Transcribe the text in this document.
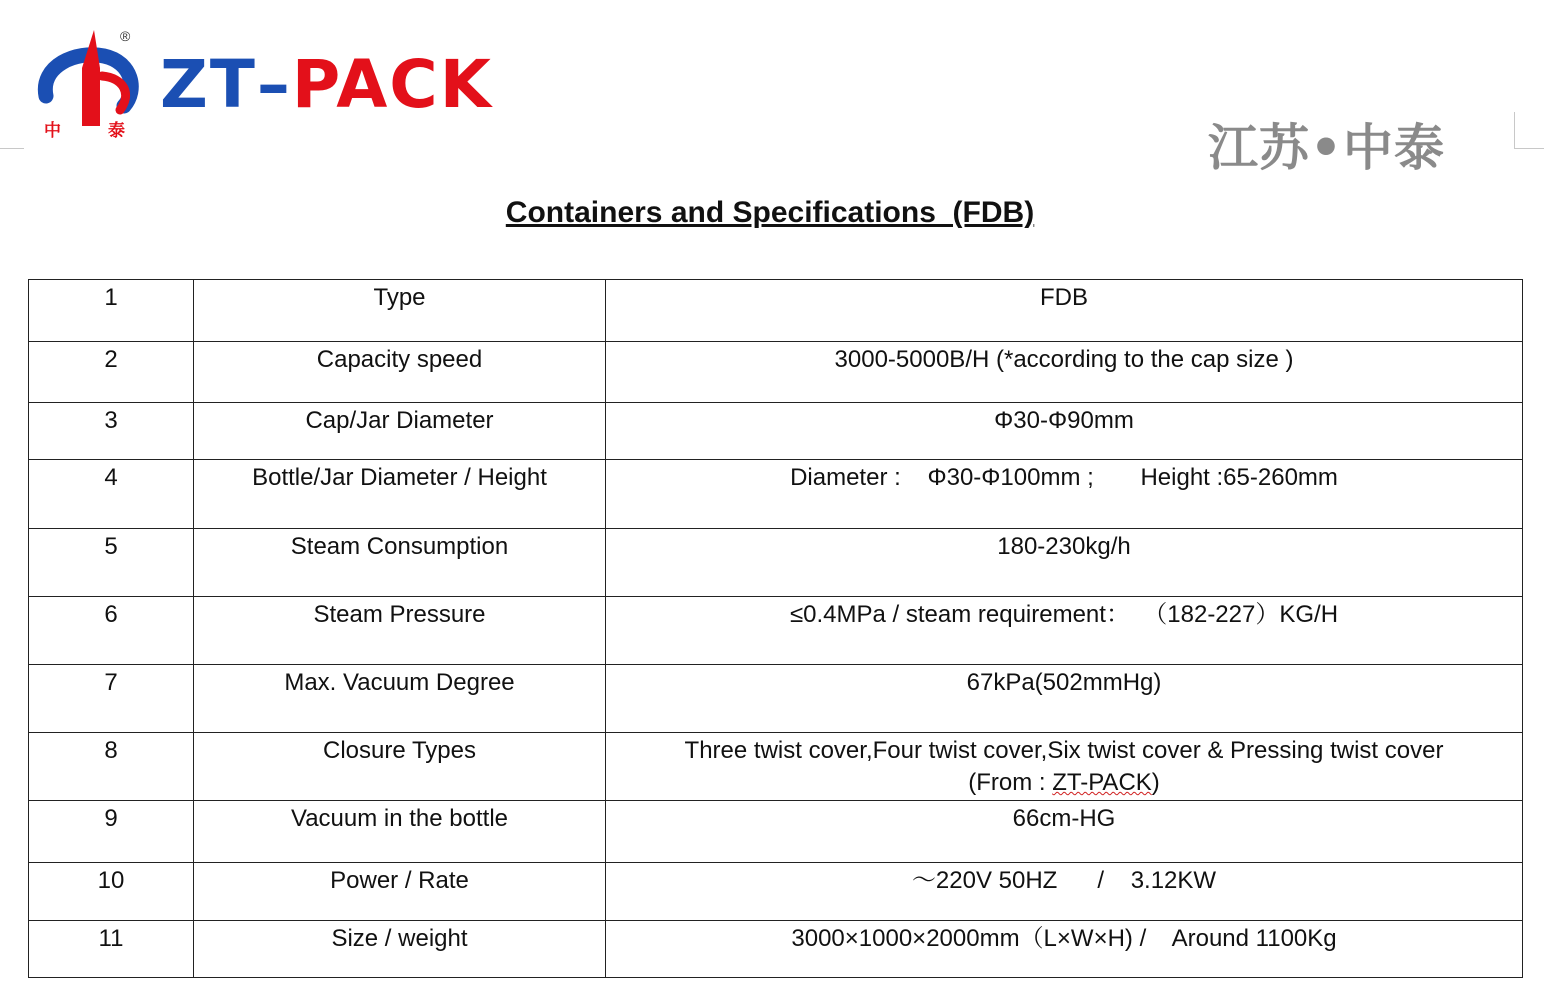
中	泰
®
ZT–PACK
江苏•中泰
Containers and Specifications  (FDB)
1	Type	FDB
2	Capacity speed	3000-5000B/H (*according to the cap size )
3	Cap/Jar Diameter	Φ30-Φ90mm
4	Bottle/Jar Diameter / Height	Diameter :    Φ30-Φ100mm ;       Height :65-260mm
5	Steam Consumption	180-230kg/h
6	Steam Pressure	≤0.4MPa / steam requirement：  （182-227）KG/H
7	Max. Vacuum Degree	67kPa(502mmHg)
8	Closure Types	Three twist cover,Four twist cover,Six twist cover & Pressing twist cover
(From : ZT-PACK)
9	Vacuum in the bottle	66cm-HG
10	Power / Rate	～220V 50HZ      /    3.12KW
11	Size / weight	3000×1000×2000mm（L×W×H) /    Around 1100Kg
